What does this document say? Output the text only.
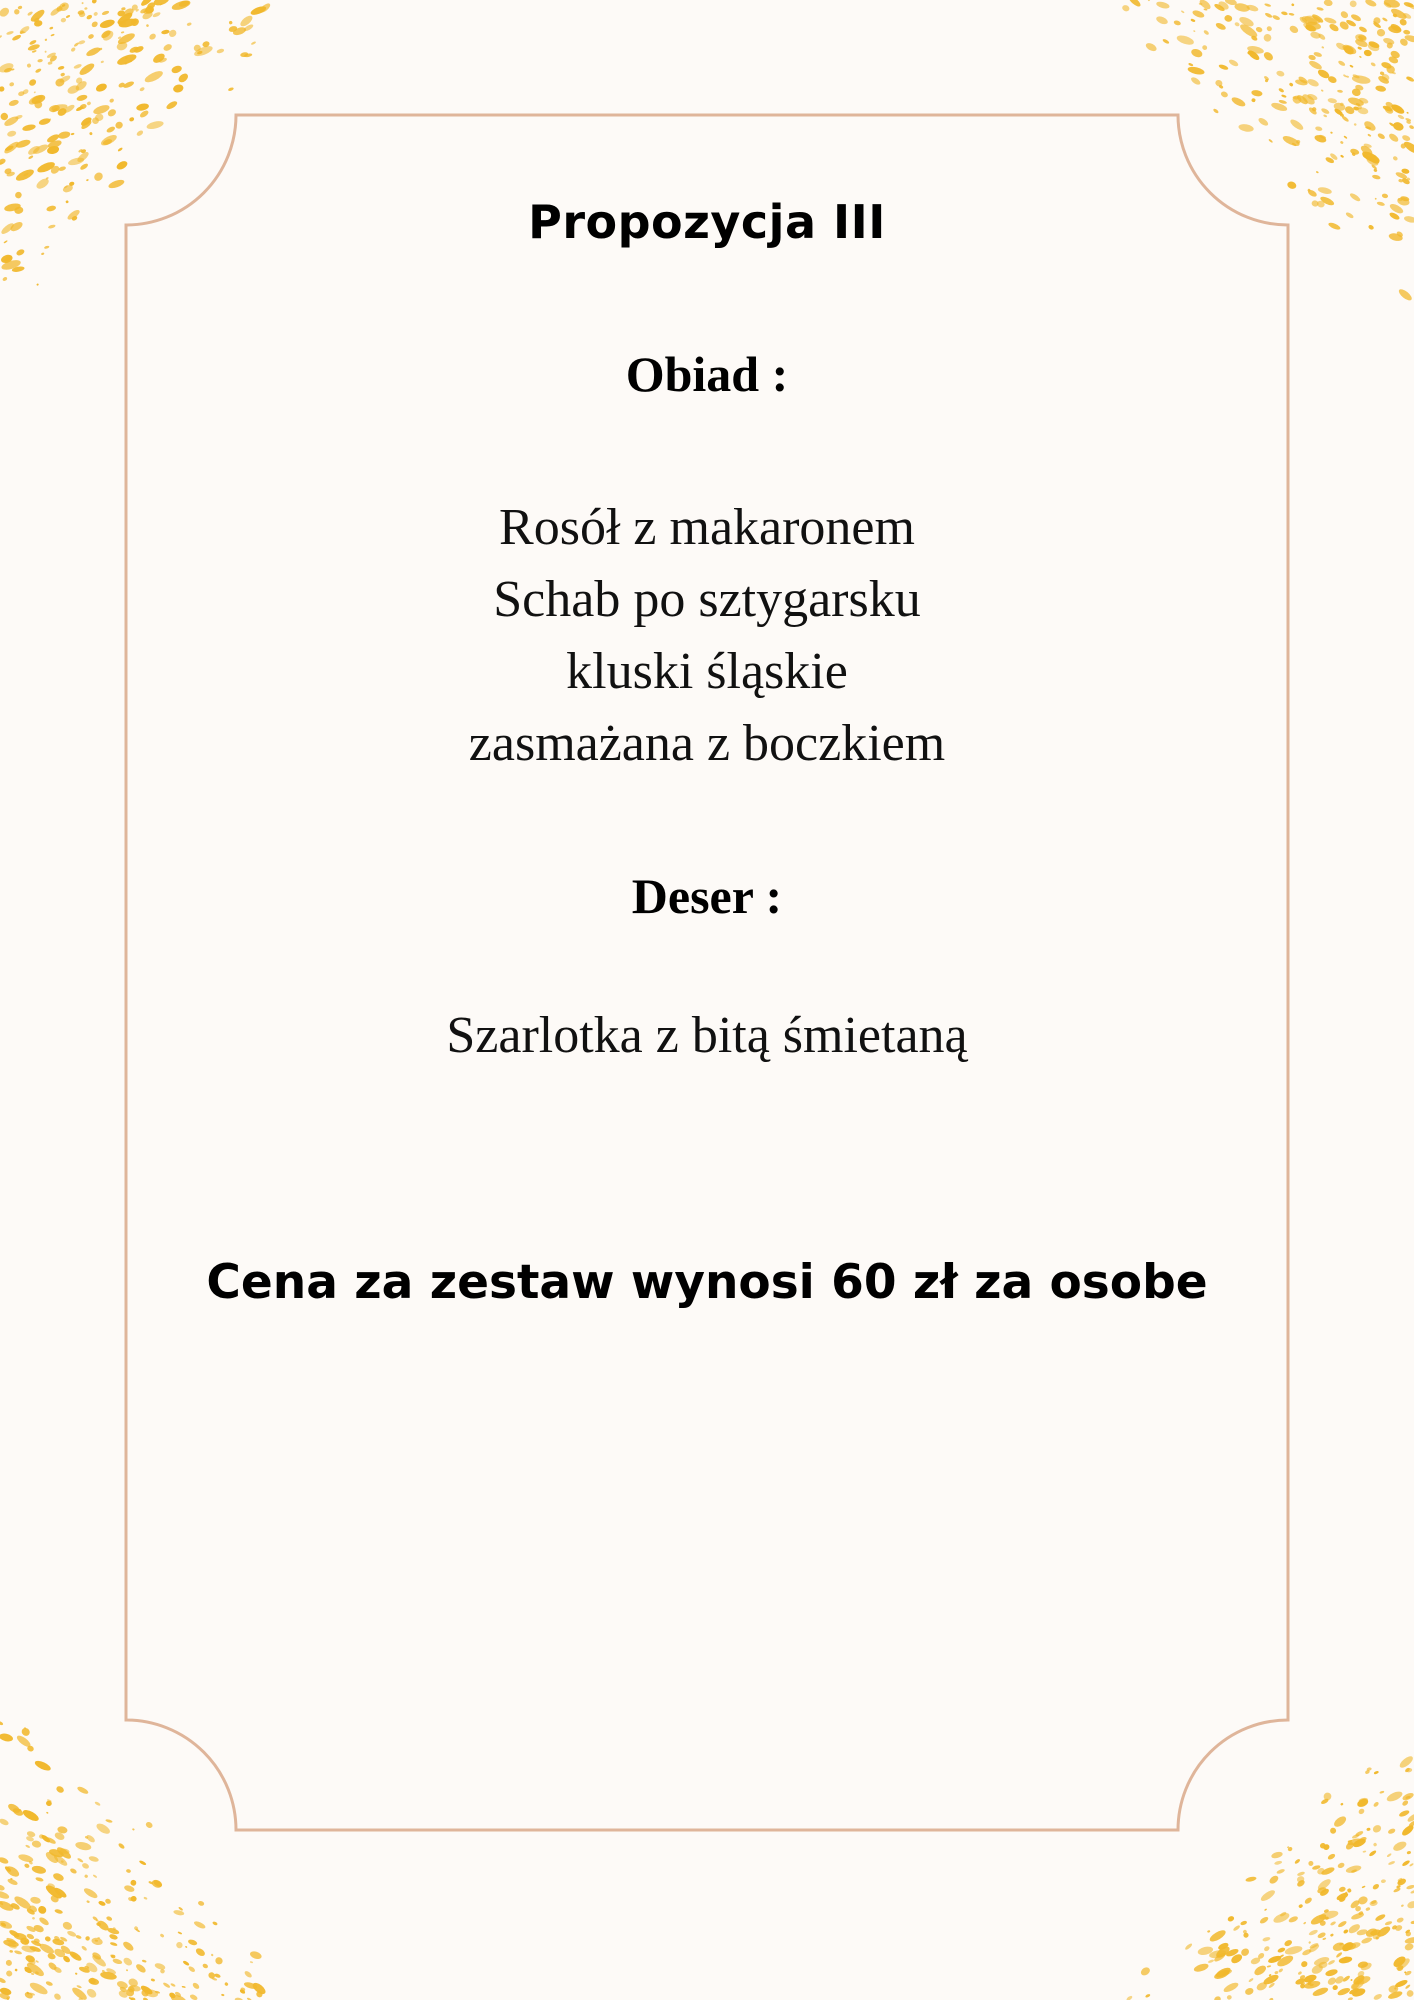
Propozycja III
Obiad :
Rosół z makaronem
Schab po sztygarsku
kluski śląskie
zasmażana z boczkiem
Deser :
Szarlotka z bitą śmietaną
Cena za zestaw wynosi 60 zł za osobe
